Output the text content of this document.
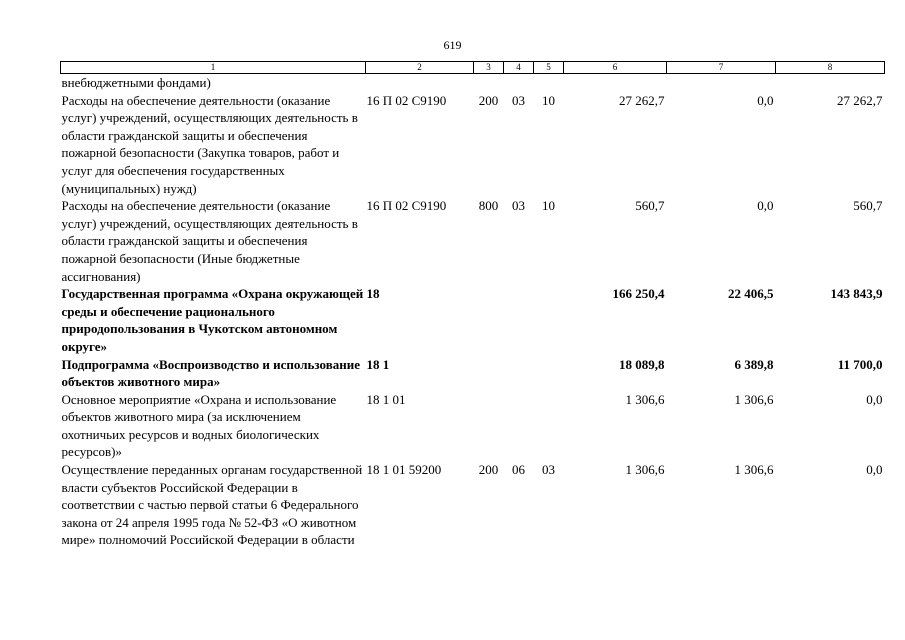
619
1	2	3	4	5	6	7	8
внебюджетными фондами)							
Расходы на обеспечение деятельности (оказание услуг) учреждений, осуществляющих деятельность в области гражданской защиты и обеспечения пожарной безопасности (Закупка товаров, работ и услуг для обеспечения государственных (муниципальных) нужд)	16 П 02 С9190	200	03	10	27 262,7	0,0	27 262,7
Расходы на обеспечение деятельности (оказание услуг) учреждений, осуществляющих деятельность в области гражданской защиты и обеспечения пожарной безопасности (Иные бюджетные ассигнования)	16 П 02 С9190	800	03	10	560,7	0,0	560,7
Государственная программа «Охрана окружающей среды и обеспечение рационального природопользования в Чукотском автономном округе»	18				166 250,4	22 406,5	143 843,9
Подпрограмма «Воспроизводство и использование объектов животного мира»	18 1				18 089,8	6 389,8	11 700,0
Основное мероприятие «Охрана и использование объектов животного мира (за исключением охотничьих ресурсов и водных биологических ресурсов)»	18 1 01				1 306,6	1 306,6	0,0
Осуществление переданных органам государственной власти субъектов Российской Федерации в соответствии с частью первой статьи 6 Федерального закона от 24 апреля 1995 года № 52-ФЗ «О животном мире» полномочий Российской Федерации в области	18 1 01 59200	200	06	03	1 306,6	1 306,6	0,0
